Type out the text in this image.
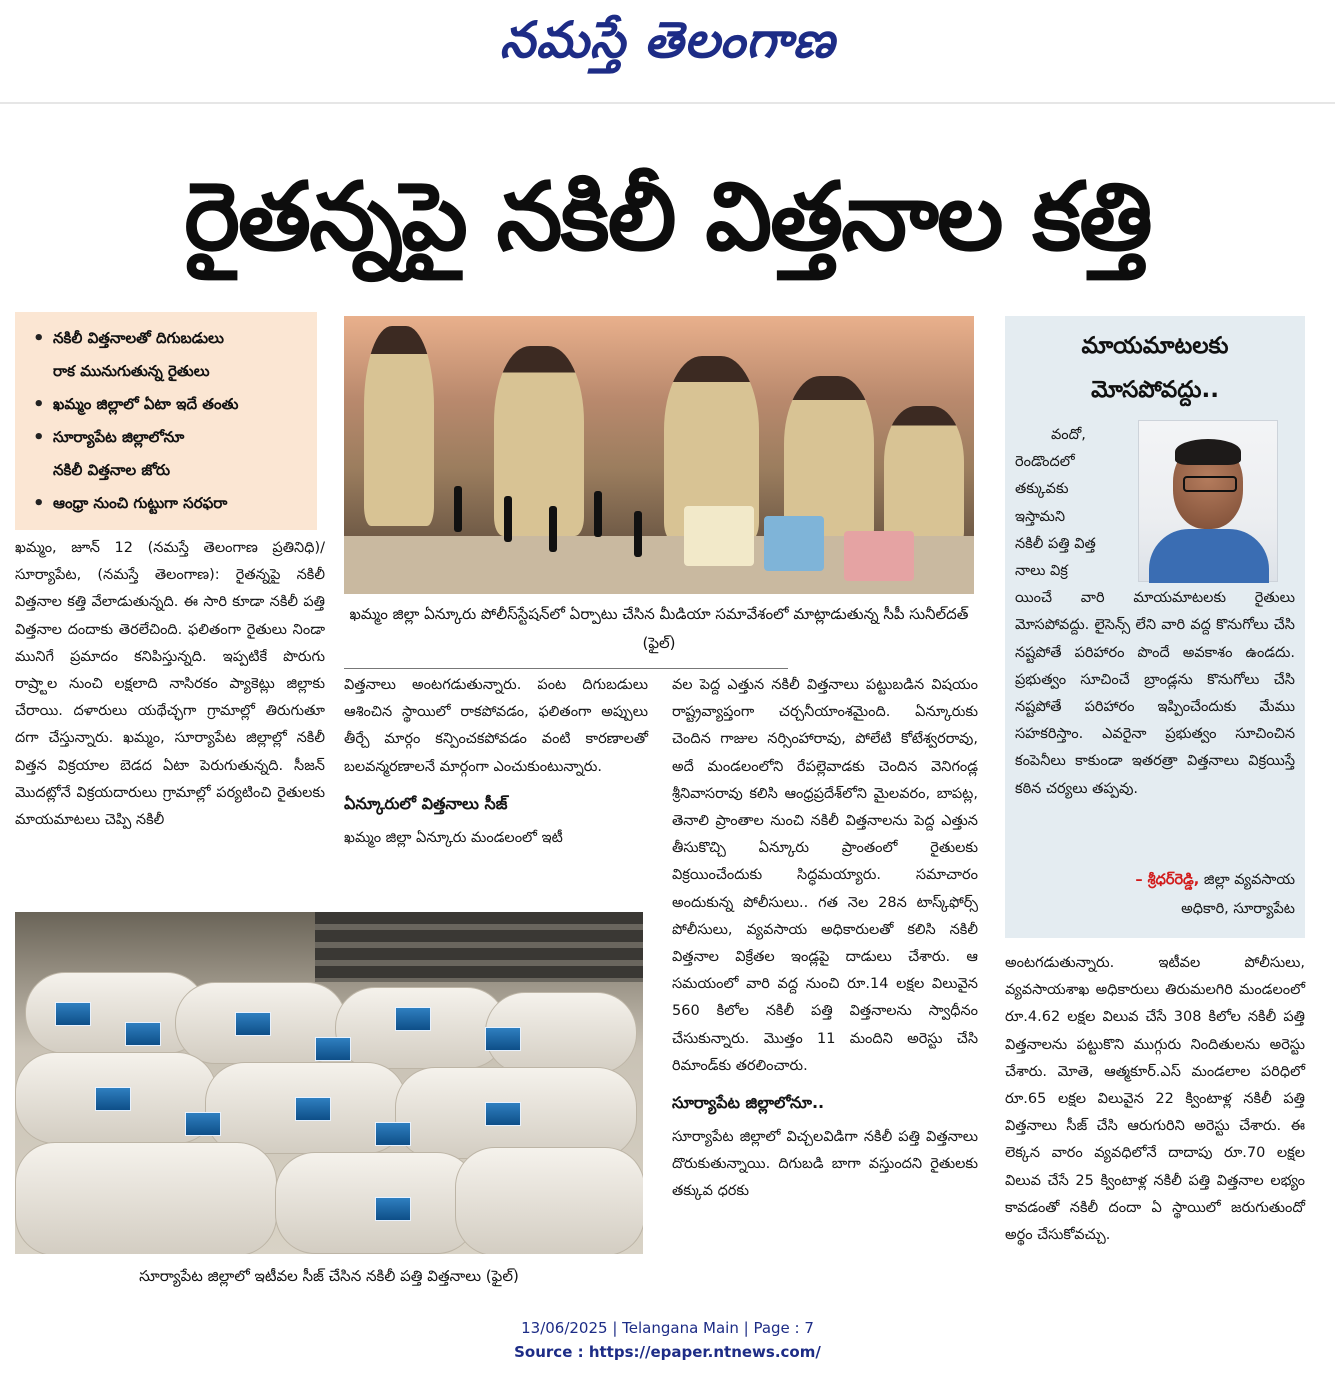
నమస్తే తెలంగాణ
రైతన్నపై నకిలీ విత్తనాల కత్తి
• నకిలీ విత్తనాలతో దిగుబడులు
రాక మునుగుతున్న రైతులు
• ఖమ్మం జిల్లాలో ఏటా ఇదే తంతు
• సూర్యాపేట జిల్లాలోనూ
నకిలీ విత్తనాల జోరు
• ఆంధ్రా నుంచి గుట్టుగా సరఫరా
ఖమ్మం జిల్లా ఏన్కూరు పోలీస్‌స్టేషన్‌లో ఏర్పాటు చేసిన మీడియా సమావేశంలో మాట్లాడుతున్న సీపీ సునీల్‌దత్‌ (ఫైల్‌)

ఖమ్మం, జూన్‌ 12 (నమస్తే తెలంగాణ ప్రతినిధి)/సూర్యాపేట, (నమస్తే తెలంగాణ): రైతన్నపై నకిలీ విత్తనాల కత్తి వేలాడుతున్నది. ఈ సారి కూడా నకిలీ పత్తి విత్తనాల దందాకు తెరలేచింది. ఫలితంగా రైతులు నిండా మునిగే ప్రమాదం కనిపిస్తున్నది. ఇప్పటికే పొరుగు రాష్ర్టాల నుంచి లక్షలాది నాసిరకం ప్యాకెట్లు జిల్లాకు చేరాయి. దళారులు యథేచ్ఛగా గ్రామాల్లో తిరుగుతూ దగా చేస్తున్నారు. ఖమ్మం, సూర్యాపేట జిల్లాల్లో నకిలీ విత్తన విక్రయాల బెడద ఏటా పెరుగుతున్నది. సీజన్‌ మొదట్లోనే విక్రయదారులు గ్రామాల్లో పర్యటించి రైతులకు మాయమాటలు చెప్పి నకిలీ

విత్తనాలు అంటగడుతున్నారు. పంట దిగుబడులు ఆశించిన స్థాయిలో రాకపోవడం, ఫలితంగా అప్పులు తీర్చే మార్గం కన్పించకపోవడం వంటి కారణాలతో బలవన్మరణాలనే మార్గంగా ఎంచుకుంటున్నారు.

ఏన్కూరులో విత్తనాలు సీజ్‌

ఖమ్మం జిల్లా ఏన్కూరు మండలంలో ఇటీ

వల పెద్ద ఎత్తున నకిలీ విత్తనాలు పట్టుబడిన విషయం రాష్ట్రవ్యాప్తంగా చర్చనీయాంశమైంది. ఏన్కూరుకు చెందిన గాజుల నర్సింహారావు, పోలేటి కోటేశ్వరరావు, అదే మండలంలోని రేపల్లెవాడకు చెందిన వెనిగండ్ల శ్రీనివాసరావు కలిసి ఆంధ్రప్రదేశ్‌లోని మైలవరం, బాపట్ల, తెనాలి ప్రాంతాల నుంచి నకిలీ విత్తనాలను పెద్ద ఎత్తున తీసుకొచ్చి ఏన్కూరు ప్రాంతంలో రైతులకు విక్రయించేందుకు సిద్ధమయ్యారు. సమాచారం అందుకున్న పోలీసులు.. గత నెల 28న టాస్క్‌ఫోర్స్‌ పోలీసులు, వ్యవసాయ అధికారులతో కలిసి నకిలీ విత్తనాల విక్రేతల ఇండ్లపై దాడులు చేశారు. ఆ సమయంలో వారి వద్ద నుంచి రూ.14 లక్షల విలువైన 560 కిలోల నకిలీ పత్తి విత్తనాలను స్వాధీనం చేసుకున్నారు. మొత్తం 11 మందిని అరెస్టు చేసి రిమాండ్‌కు తరలించారు.

సూర్యాపేట జిల్లాలోనూ..

సూర్యాపేట జిల్లాలో విచ్చలవిడిగా నకిలీ పత్తి విత్తనాలు దొరుకుతున్నాయి. దిగుబడి బాగా వస్తుందని రైతులకు తక్కువ ధరకు

సూర్యాపేట జిల్లాలో ఇటీవల సీజ్‌ చేసిన నకిలీ పత్తి విత్తనాలు (ఫైల్‌)
మాయమాటలకు
మోసపోవద్దు..
వందో,
రెండొందలో
తక్కువకు
ఇస్తామని
నకిలీ పత్తి విత్త
నాలు విక్ర
యించే వారి మాయమాటలకు రైతులు మోసపోవద్దు. లైసెన్స్‌ లేని వారి వద్ద కొనుగోలు చేసి నష్టపోతే పరిహారం పొందే అవకాశం ఉండదు. ప్రభుత్వం సూచించే బ్రాండ్లను కొనుగోలు చేసి నష్టపోతే పరిహారం ఇప్పించేందుకు మేము సహకరిస్తాం. ఎవరైనా ప్రభుత్వం సూచించిన కంపెనీలు కాకుండా ఇతరత్రా విత్తనాలు విక్రయిస్తే కఠిన చర్యలు తప్పవు.
– శ్రీధర్‌రెడ్డి, జిల్లా వ్యవసాయ
అధికారి, సూర్యాపేట

అంటగడుతున్నారు. ఇటీవల పోలీసులు, వ్యవసాయశాఖ అధికారులు తిరుమలగిరి మండలంలో రూ.4.62 లక్షల విలువ చేసే 308 కిలోల నకిలీ పత్తి విత్తనాలను పట్టుకొని ముగ్గురు నిందితులను అరెస్టు చేశారు. మోతె, ఆత్మకూర్‌.ఎస్‌ మండలాల పరిధిలో రూ.65 లక్షల విలువైన 22 క్వింటాళ్ల నకిలీ పత్తి విత్తనాలు సీజ్‌ చేసి ఆరుగురిని అరెస్టు చేశారు. ఈ లెక్కన వారం వ్యవధిలోనే దాదాపు రూ.70 లక్షల విలువ చేసే 25 క్వింటాళ్ల నకిలీ పత్తి విత్తనాల లభ్యం కావడంతో నకిలీ దందా ఏ స్థాయిలో జరుగుతుందో అర్థం చేసుకోవచ్చు.

13/06/2025 | Telangana Main | Page : 7
Source : https://epaper.ntnews.com/
